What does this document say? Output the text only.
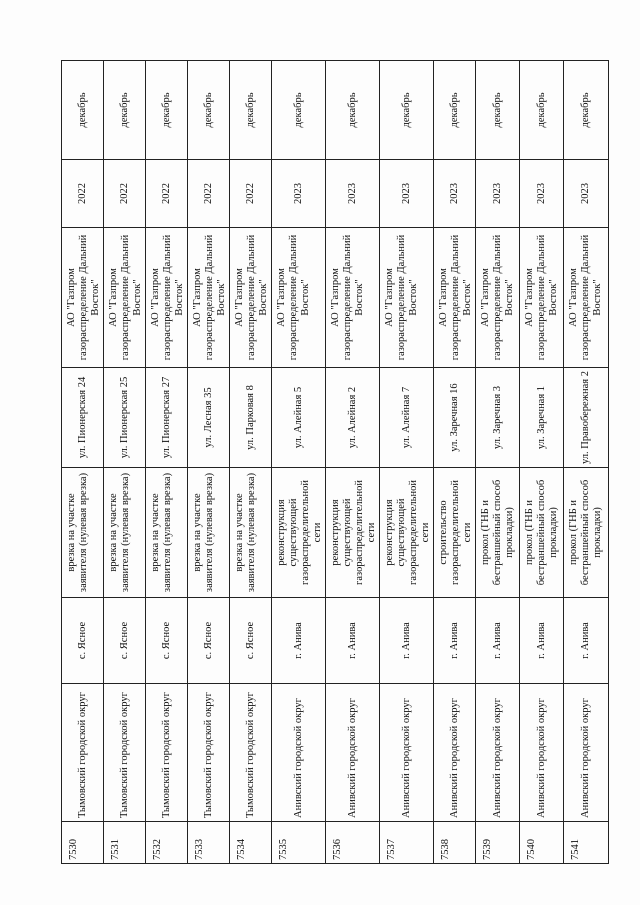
7530	Тымовский городской округ	с. Ясное	врезка на участке заявителя (нулевая врезка)	ул. Пионерская 24	АО "Газпром газораспределение Дальний Восток"	2022	декабрь
7531	Тымовский городской округ	с. Ясное	врезка на участке заявителя (нулевая врезка)	ул. Пионерская 25	АО "Газпром газораспределение Дальний Восток"	2022	декабрь
7532	Тымовский городской округ	с. Ясное	врезка на участке заявителя (нулевая врезка)	ул. Пионерская 27	АО "Газпром газораспределение Дальний Восток"	2022	декабрь
7533	Тымовский городской округ	с. Ясное	врезка на участке заявителя (нулевая врезка)	ул. Лесная 35	АО "Газпром газораспределение Дальний Восток"	2022	декабрь
7534	Тымовский городской округ	с. Ясное	врезка на участке заявителя (нулевая врезка)	ул. Парковая 8	АО "Газпром газораспределение Дальний Восток"	2022	декабрь
7535	Анивский городской округ	г. Анива	реконструкция существующей газораспределительной сети	ул. Алейная 5	АО "Газпром газораспределение Дальний Восток"	2023	декабрь
7536	Анивский городской округ	г. Анива	реконструкция существующей газораспределительной сети	ул. Алейная 2	АО "Газпром газораспределение Дальний Восток"	2023	декабрь
7537	Анивский городской округ	г. Анива	реконструкция существующей газораспределительной сети	ул. Алейная 7	АО "Газпром газораспределение Дальний Восток"	2023	декабрь
7538	Анивский городской округ	г. Анива	строительство газораспределительной сети	ул. Заречная 16	АО "Газпром газораспределение Дальний Восток"	2023	декабрь
7539	Анивский городской округ	г. Анива	прокол (ГНБ и бестраншейный способ прокладки)	ул. Заречная 3	АО "Газпром газораспределение Дальний Восток"	2023	декабрь
7540	Анивский городской округ	г. Анива	прокол (ГНБ и бестраншейный способ прокладки)	ул. Заречная 1	АО "Газпром газораспределение Дальний Восток"	2023	декабрь
7541	Анивский городской округ	г. Анива	прокол (ГНБ и бестраншейный способ прокладки)	ул. Правобережная 2	АО "Газпром газораспределение Дальний Восток"	2023	декабрь
